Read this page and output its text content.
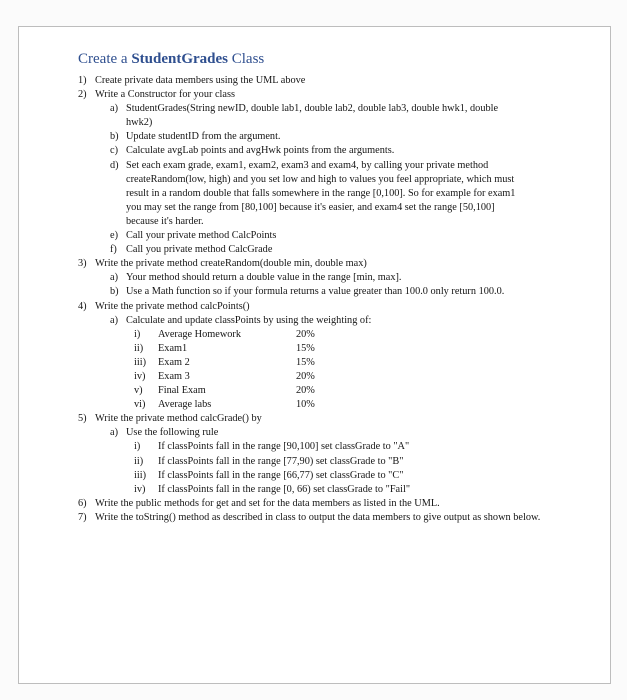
Create a StudentGrades Class
1) Create private data members using the UML above
2) Write a Constructor for your class
a) StudentGrades(String newID, double lab1, double lab2, double lab3, double hwk1, double hwk2)
b) Update studentID from the argument.
c) Calculate avgLab points and avgHwk points from the arguments.
d) Set each exam grade, exam1, exam2, exam3 and exam4, by calling your private method createRandom(low, high) and you set low and high to values you feel appropriate, which must result in a random double that falls somewhere in the range [0,100]. So for example for exam1 you may set the range from [80,100] because it's easier, and exam4 set the range [50,100] because it's harder.
e) Call your private method CalcPoints
f) Call you private method CalcGrade
3) Write the private method createRandom(double min, double max)
a) Your method should return a double value in the range [min, max].
b) Use a Math function so if your formula returns a value greater than 100.0 only return 100.0.
4) Write the private method calcPoints()
a) Calculate and update classPoints by using the weighting of:
i)	Average Homework	20%
ii)	Exam1	15%
iii)	Exam 2	15%
iv)	Exam 3	20%
v)	Final Exam	20%
vi)	Average labs	10%
5) Write the private method calcGrade() by
a) Use the following rule
i)	If classPoints fall in the range [90,100] set classGrade to "A"
ii)	If classPoints fall in the range [77,90) set classGrade to "B"
iii)	If classPoints fall in the range [66,77) set classGrade to "C"
iv)	If classPoints fall in the range [0, 66) set classGrade to "Fail"
6) Write the public methods for get and set for the data members as listed in the UML.
7) Write the toString() method as described in class to output the data members to give output as shown below.
